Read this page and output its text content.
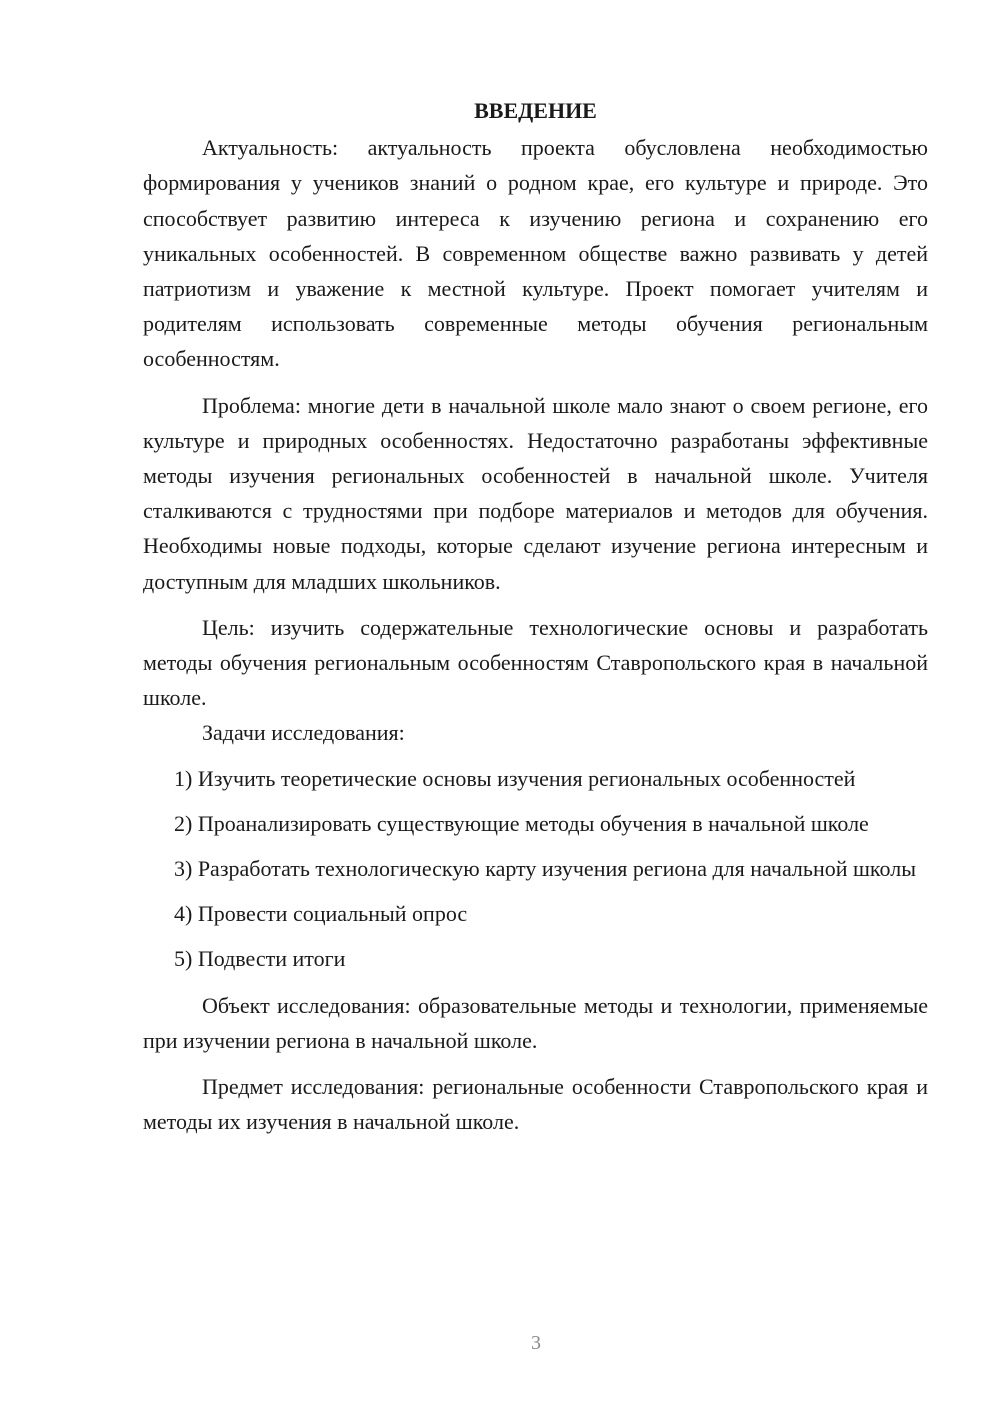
ВВЕДЕНИЕ

Актуальность: актуальность проекта обусловлена необходимостью формирования у учеников знаний о родном крае, его культуре и природе. Это способствует развитию интереса к изучению региона и сохранению его уникальных особенностей. В современном обществе важно развивать у детей патриотизм и уважение к местной культуре. Проект помогает учителям и родителям использовать современные методы обучения региональным особенностям.

Проблема: многие дети в начальной школе мало знают о своем регионе, его культуре и природных особенностях. Недостаточно разработаны эффективные методы изучения региональных особенностей в начальной школе. Учителя сталкиваются с трудностями при подборе материалов и методов для обучения. Необходимы новые подходы, которые сделают изучение региона интересным и доступным для младших школьников.

Цель: изучить содержательные технологические основы и разработать методы обучения региональным особенностям Ставропольского края в начальной школе.

Задачи исследования:

1) Изучить теоретические основы изучения региональных особенностей

2) Проанализировать существующие методы обучения в начальной школе

3) Разработать технологическую карту изучения региона для начальной школы

4) Провести социальный опрос

5) Подвести итоги

Объект исследования: образовательные методы и технологии, применяемые при изучении региона в начальной школе.

Предмет исследования: региональные особенности Ставропольского края и методы их изучения в начальной школе.

3
